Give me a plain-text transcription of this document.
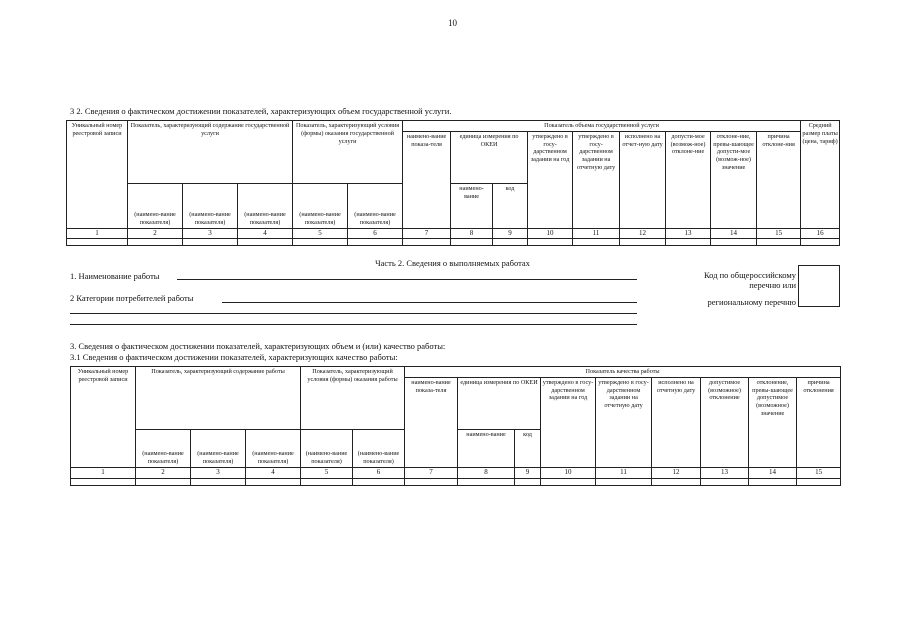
10
3 2. Сведения о фактическом достижении показателей, характеризующих объем государственной услуги.
Уникальный номер реестровой записи	Показатель, характеризующий содержание государственной услуги			Показатель, характеризующий условия (формы) оказания государственной услуги		Показатель объема государственной услуги									Средний размер платы (цена, тариф)
						наимено-вание показа-теля	единица измерения по ОКЕИ		утверждено в госу-дарственном задании на год	утверждено в госу-дарственном задании на отчетную дату	исполнено на отчет-ную дату	допусти-мое (возмож-ное) отклоне-ние	отклоне-ние, превы-шающее допусти-мое (возмож-ное) значение	причина отклоне-ния	
	(наимено-вание показателя)	(наимено-вание показателя)	(наимено-вание показателя)	(наимено-вание показателя)	(наимено-вание показателя)		наимено-вание	код							
1	2	3	4	5	6	7	8	9	10	11	12	13	14	15	16

Часть 2. Сведения о выполняемых работах
1. Наименование работы
2 Категории потребителей работы
Код по общероссийскому
перечню или
региональному перечню
3. Сведения о фактическом достижении показателей, характеризующих объем и (или) качество работы:
3.1 Сведения о фактическом достижении показателей, характеризующих качество работы:
Уникальный номер реестровой записи	Показатель, характеризующий содержание работы			Показатель, характеризующий условия (формы) оказания работы		Показатель качества работы								
						наимено-вание показа-теля	единица измерения по ОКЕИ		утверждено в госу-дарственном задании на год	утверждено в госу-дарственном задании на отчетную дату	исполнено на отчетную дату	допустимое (возможное) отклонение	отклонение, превы-шающее допустимое (возможное) значение	причина отклонения
	(наимено-вание показателя)	(наимено-вание показателя)	(наимено-вание показателя)	(наимено-вание показателя)	(наимено-вание показателя)		наимено-вание	код						
1	2	3	4	5	6	7	8	9	10	11	12	13	14	15
